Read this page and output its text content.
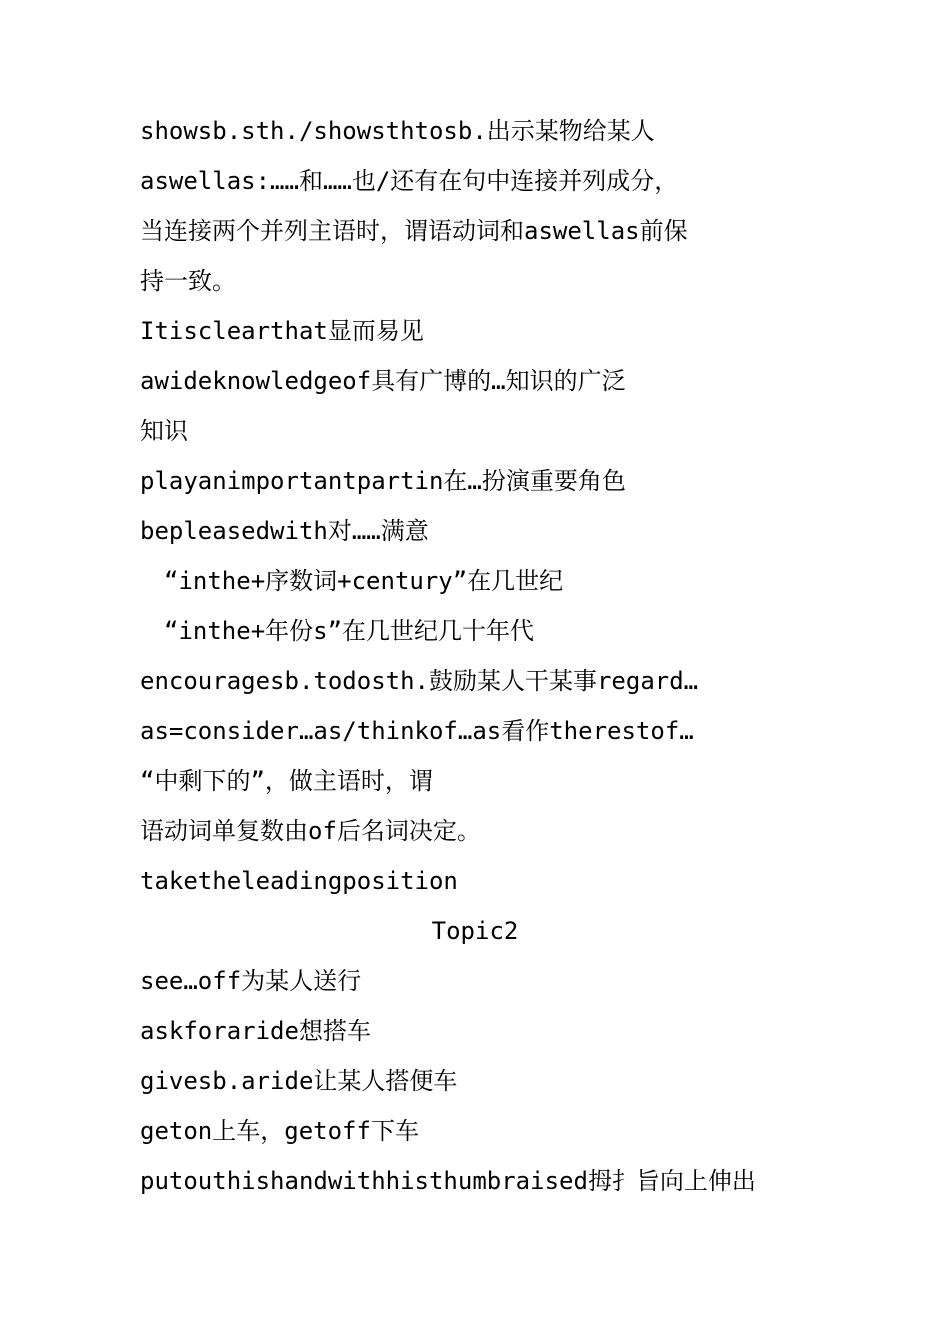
showsb.sth./showsthtosb.出示某物给某人
aswellas:……和……也/还有在句中连接并列成分，
当连接两个并列主语时，谓语动词和aswellas前保
持一致。
Itisclearthat显而易见
awideknowledgeof具有广博的…知识的广泛
知识
playanimportantpartin在…扮演重要角色
bepleasedwith对……满意
“inthe+序数词+century”在几世纪
“inthe+年份s”在几世纪几十年代
encouragesb.todosth.鼓励某人干某事regard…
as=consider…as/thinkof…as看作therestof…
“中剩下的”，做主语时，谓
语动词单复数由of后名词决定。
taketheleadingposition
Topic2
see…off为某人送行
askforaride想搭车
givesb.aride让某人搭便车
geton上车，getoff下车
putouthishandwithhisthumbraised拇扌旨向上伸出
